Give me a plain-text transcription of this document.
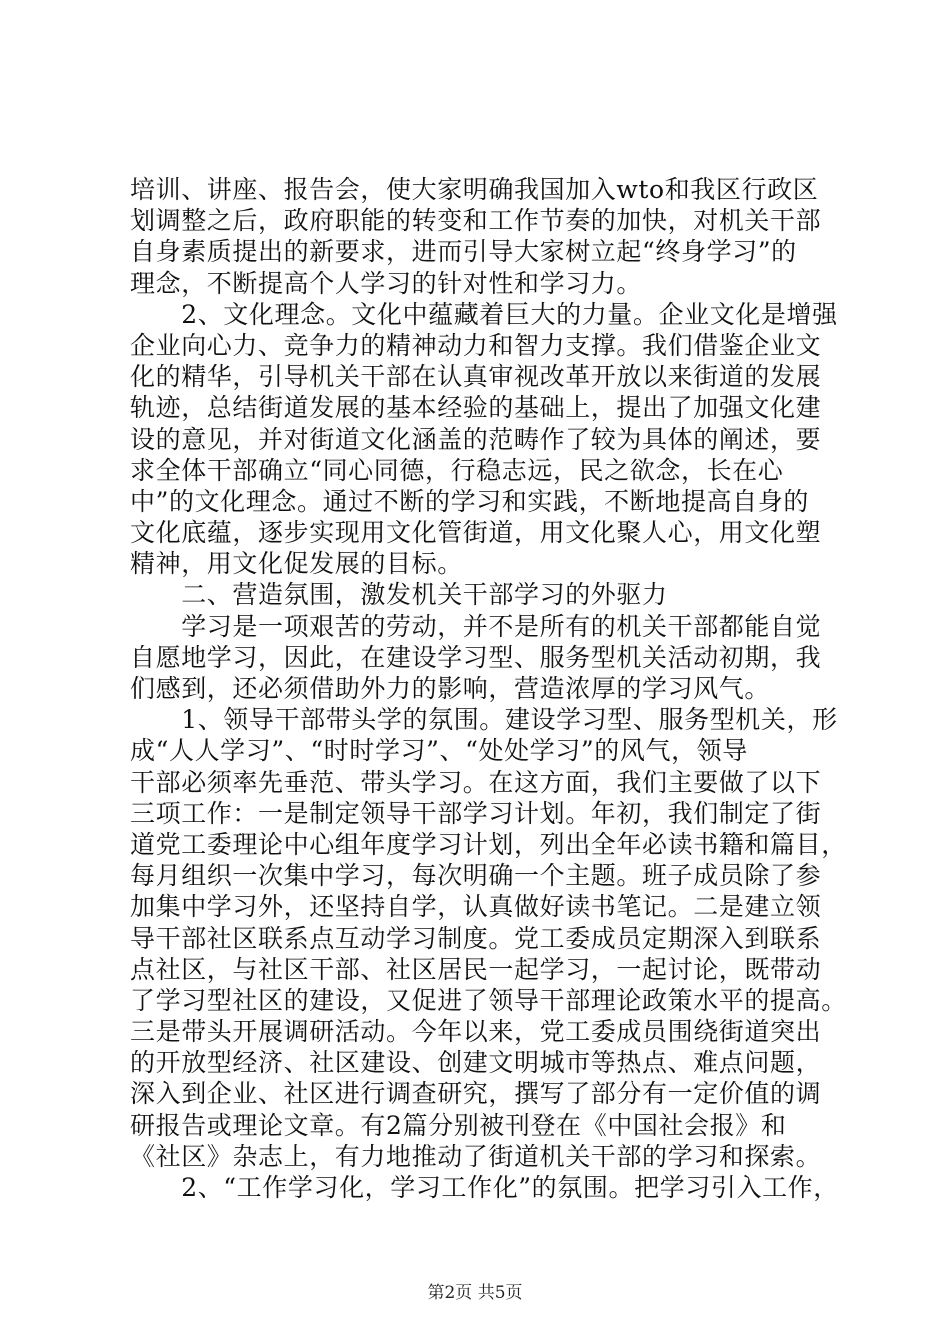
培训、讲座、报告会，使大家明确我国加入wto和我区行政区
划调整之后，政府职能的转变和工作节奏的加快，对机关干部
自身素质提出的新要求，进而引导大家树立起“终身学习”的
理念，不断提高个人学习的针对性和学习力。
　　2、文化理念。文化中蕴藏着巨大的力量。企业文化是增强
企业向心力、竞争力的精神动力和智力支撑。我们借鉴企业文
化的精华，引导机关干部在认真审视改革开放以来街道的发展
轨迹，总结街道发展的基本经验的基础上，提出了加强文化建
设的意见，并对街道文化涵盖的范畴作了较为具体的阐述，要
求全体干部确立“同心同德，行稳志远，民之欲念，长在心
中”的文化理念。通过不断的学习和实践，不断地提高自身的
文化底蕴，逐步实现用文化管街道，用文化聚人心，用文化塑
精神，用文化促发展的目标。
　　二、营造氛围，激发机关干部学习的外驱力
　　学习是一项艰苦的劳动，并不是所有的机关干部都能自觉
自愿地学习，因此，在建设学习型、服务型机关活动初期，我
们感到，还必须借助外力的影响，营造浓厚的学习风气。
　　1、领导干部带头学的氛围。建设学习型、服务型机关，形
成“人人学习”、“时时学习”、“处处学习”的风气，领导
干部必须率先垂范、带头学习。在这方面，我们主要做了以下
三项工作：一是制定领导干部学习计划。年初，我们制定了街
道党工委理论中心组年度学习计划，列出全年必读书籍和篇目，
每月组织一次集中学习，每次明确一个主题。班子成员除了参
加集中学习外，还坚持自学，认真做好读书笔记。二是建立领
导干部社区联系点互动学习制度。党工委成员定期深入到联系
点社区，与社区干部、社区居民一起学习，一起讨论，既带动
了学习型社区的建设，又促进了领导干部理论政策水平的提高。
三是带头开展调研活动。今年以来，党工委成员围绕街道突出
的开放型经济、社区建设、创建文明城市等热点、难点问题，
深入到企业、社区进行调查研究，撰写了部分有一定价值的调
研报告或理论文章。有2篇分别被刊登在《中国社会报》和
《社区》杂志上，有力地推动了街道机关干部的学习和探索。
　　2、“工作学习化，学习工作化”的氛围。把学习引入工作，
第2页 共5页
